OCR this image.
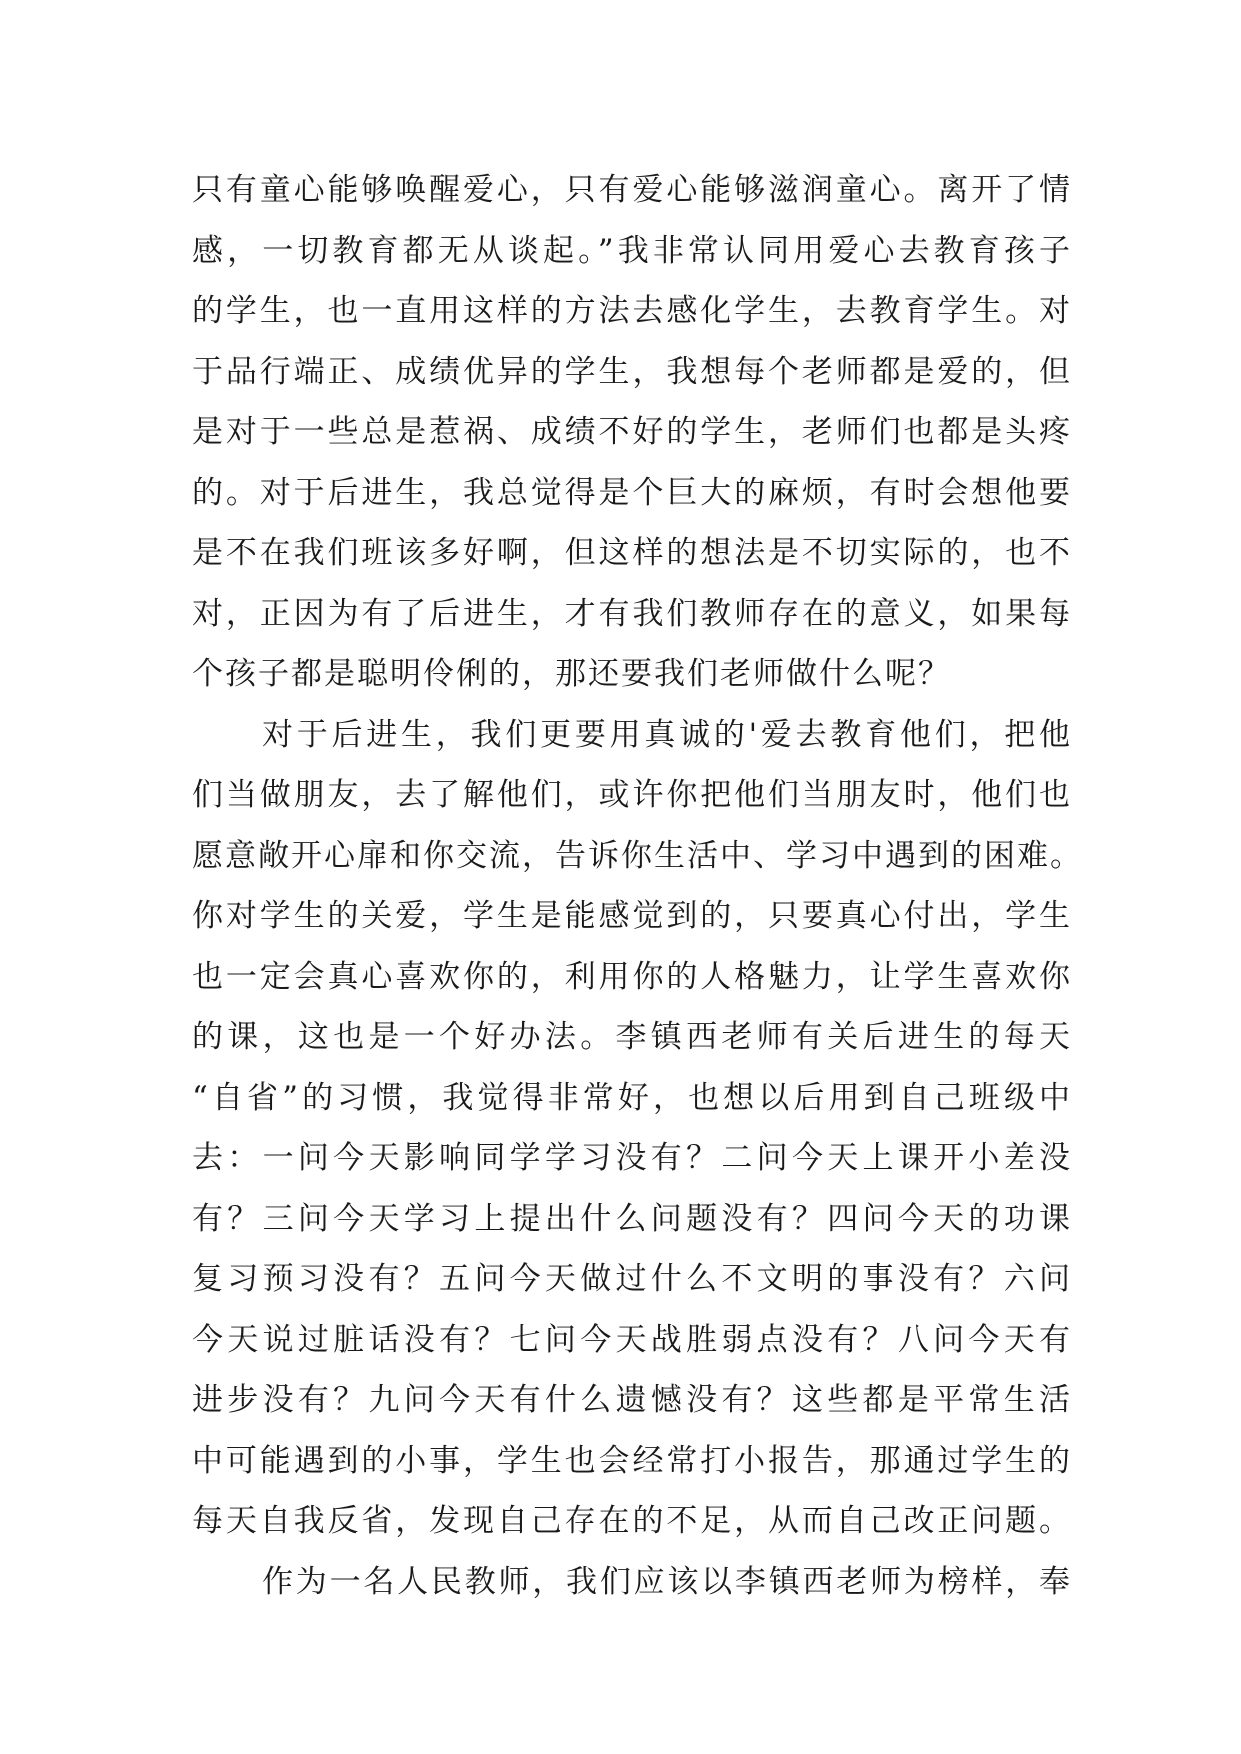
只有童心能够唤醒爱心，只有爱心能够滋润童心。离开了情
感，一切教育都无从谈起。”我非常认同用爱心去教育孩子
的学生，也一直用这样的方法去感化学生，去教育学生。对
于品行端正、成绩优异的学生，我想每个老师都是爱的，但
是对于一些总是惹祸、成绩不好的学生，老师们也都是头疼
的。对于后进生，我总觉得是个巨大的麻烦，有时会想他要
是不在我们班该多好啊，但这样的想法是不切实际的，也不
对，正因为有了后进生，才有我们教师存在的意义，如果每
个孩子都是聪明伶俐的，那还要我们老师做什么呢？
对于后进生，我们更要用真诚的'爱去教育他们，把他
们当做朋友，去了解他们，或许你把他们当朋友时，他们也
愿意敞开心扉和你交流，告诉你生活中、学习中遇到的困难。
你对学生的关爱，学生是能感觉到的，只要真心付出，学生
也一定会真心喜欢你的，利用你的人格魅力，让学生喜欢你
的课，这也是一个好办法。李镇西老师有关后进生的每天
“自省”的习惯，我觉得非常好，也想以后用到自己班级中
去：一问今天影响同学学习没有？二问今天上课开小差没
有？三问今天学习上提出什么问题没有？四问今天的功课
复习预习没有？五问今天做过什么不文明的事没有？六问
今天说过脏话没有？七问今天战胜弱点没有？八问今天有
进步没有？九问今天有什么遗憾没有？这些都是平常生活
中可能遇到的小事，学生也会经常打小报告，那通过学生的
每天自我反省，发现自己存在的不足，从而自己改正问题。
作为一名人民教师，我们应该以李镇西老师为榜样，奉
